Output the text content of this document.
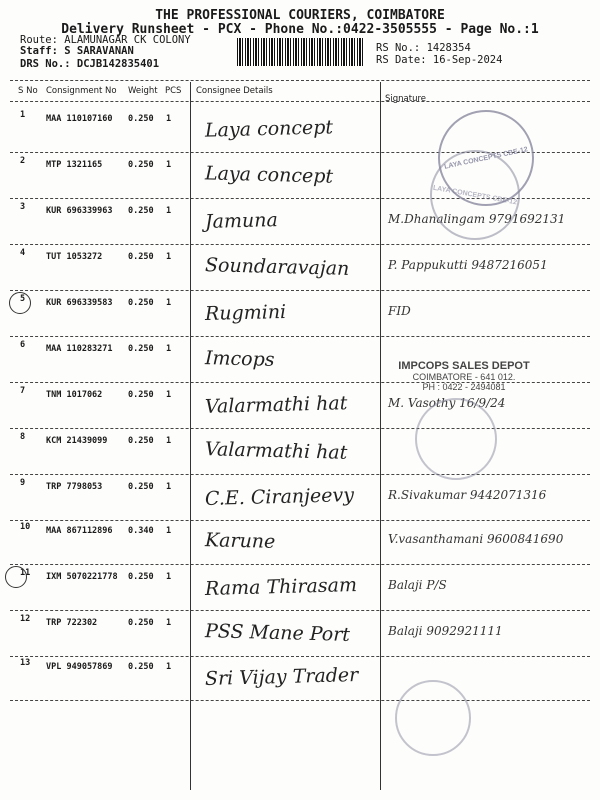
THE PROFESSIONAL COURIERS, COIMBATORE
Delivery Runsheet - PCX - Phone No.:0422-3505555 - Page No.:1
Route: ALAMUNAGAR CK COLONY
Staff: S SARAVANAN
DRS No.: DCJB142835401
RS No.: 1428354
RS Date: 16-Sep-2024
S No Consignment No Weight PCS Consignee Details
Signature
1 MAA 110107160 0.250 1 Laya concept
2 MTP 1321165	0.250 1 Laya concept
3 KUR 696339963 0.250 1 Jamuna	M.Dhanalingam 9791692131
4 TUT 1053272	0.250 1 Soundaravajan	P. Pappukutti 9487216051
5 KUR 696339583 0.250 1 Rugmini	FID
6 MAA 110283271 0.250 1 Imcops
7 TNM 1017062	0.250 1 Valarmathi hat	M. Vasothy 16/9/24
8 KCM 21439099 0.250 1 Valarmathi hat
9 TRP 7798053	0.250 1 C.E. Ciranjeevy	R.Sivakumar 9442071316
10 MAA 867112896 0.340 1 Karune	V.vasanthamani 9600841690
11 IXM 5070221778 0.250 1 Rama Thirasam	Balaji P/S
12 TRP 722302	0.250 1 PSS Mane Port	Balaji 9092921111
13 VPL 949057869 0.250 1 Sri Vijay Trader
LAYA CONCEPTS CBE-12
LAYA CONCEPTS CBE-12
IMPCOPS SALES DEPOT
COIMBATORE - 641 012.
PH : 0422 - 2494081
